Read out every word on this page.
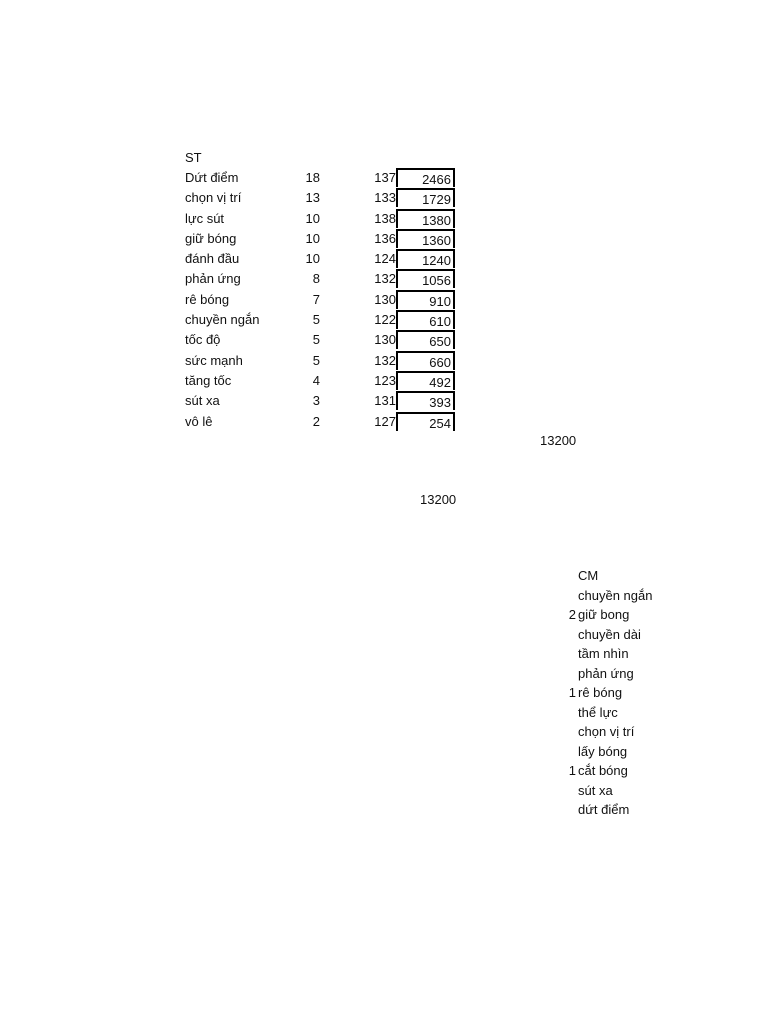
ST
Dứt điểm	18	137	2466
chọn vị trí	13	133	1729
lực sút	10	138	1380
giữ bóng	10	136	1360
đánh đầu	10	124	1240
phản ứng	8	132	1056
rê bóng	7	130	910
chuyền ngắn	5	122	610
tốc độ	5	130	650
sức mạnh	5	132	660
tăng tốc	4	123	492
sút xa	3	131	393
vô lê	2	127	254
13200
13200
CM
chuyền ngắn
2 giữ bong
chuyền dài
tầm nhìn
phản ứng
1 rê bóng
thể lực
chọn vị trí
lấy bóng
1 cắt bóng
sút xa
dứt điểm
